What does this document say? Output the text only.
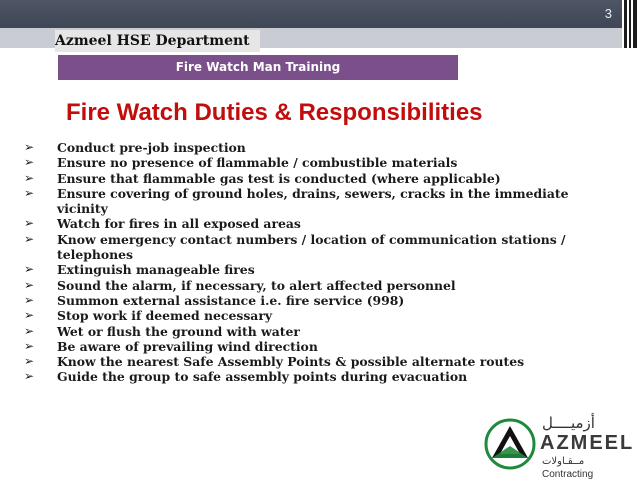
3
Azmeel HSE Department
Fire Watch Man Training
Fire Watch Duties & Responsibilities
➢ Conduct pre-job inspection
➢ Ensure no presence of flammable / combustible materials
➢ Ensure that flammable gas test is conducted (where applicable)
➢ Ensure covering of ground holes, drains, sewers, cracks in the immediate vicinity
➢ Watch for fires in all exposed areas
➢ Know emergency contact numbers / location of communication stations / telephones
➢ Extinguish manageable fires
➢ Sound the alarm, if necessary, to alert affected personnel
➢ Summon external assistance i.e. fire service (998)
➢ Stop work if deemed necessary
➢ Wet or flush the ground with water
➢ Be aware of prevailing wind direction
➢ Know the nearest Safe Assembly Points & possible alternate routes
➢ Guide the group to safe assembly points during evacuation
أزميــــل
AZMEEL
مــقـاولات
Contracting
